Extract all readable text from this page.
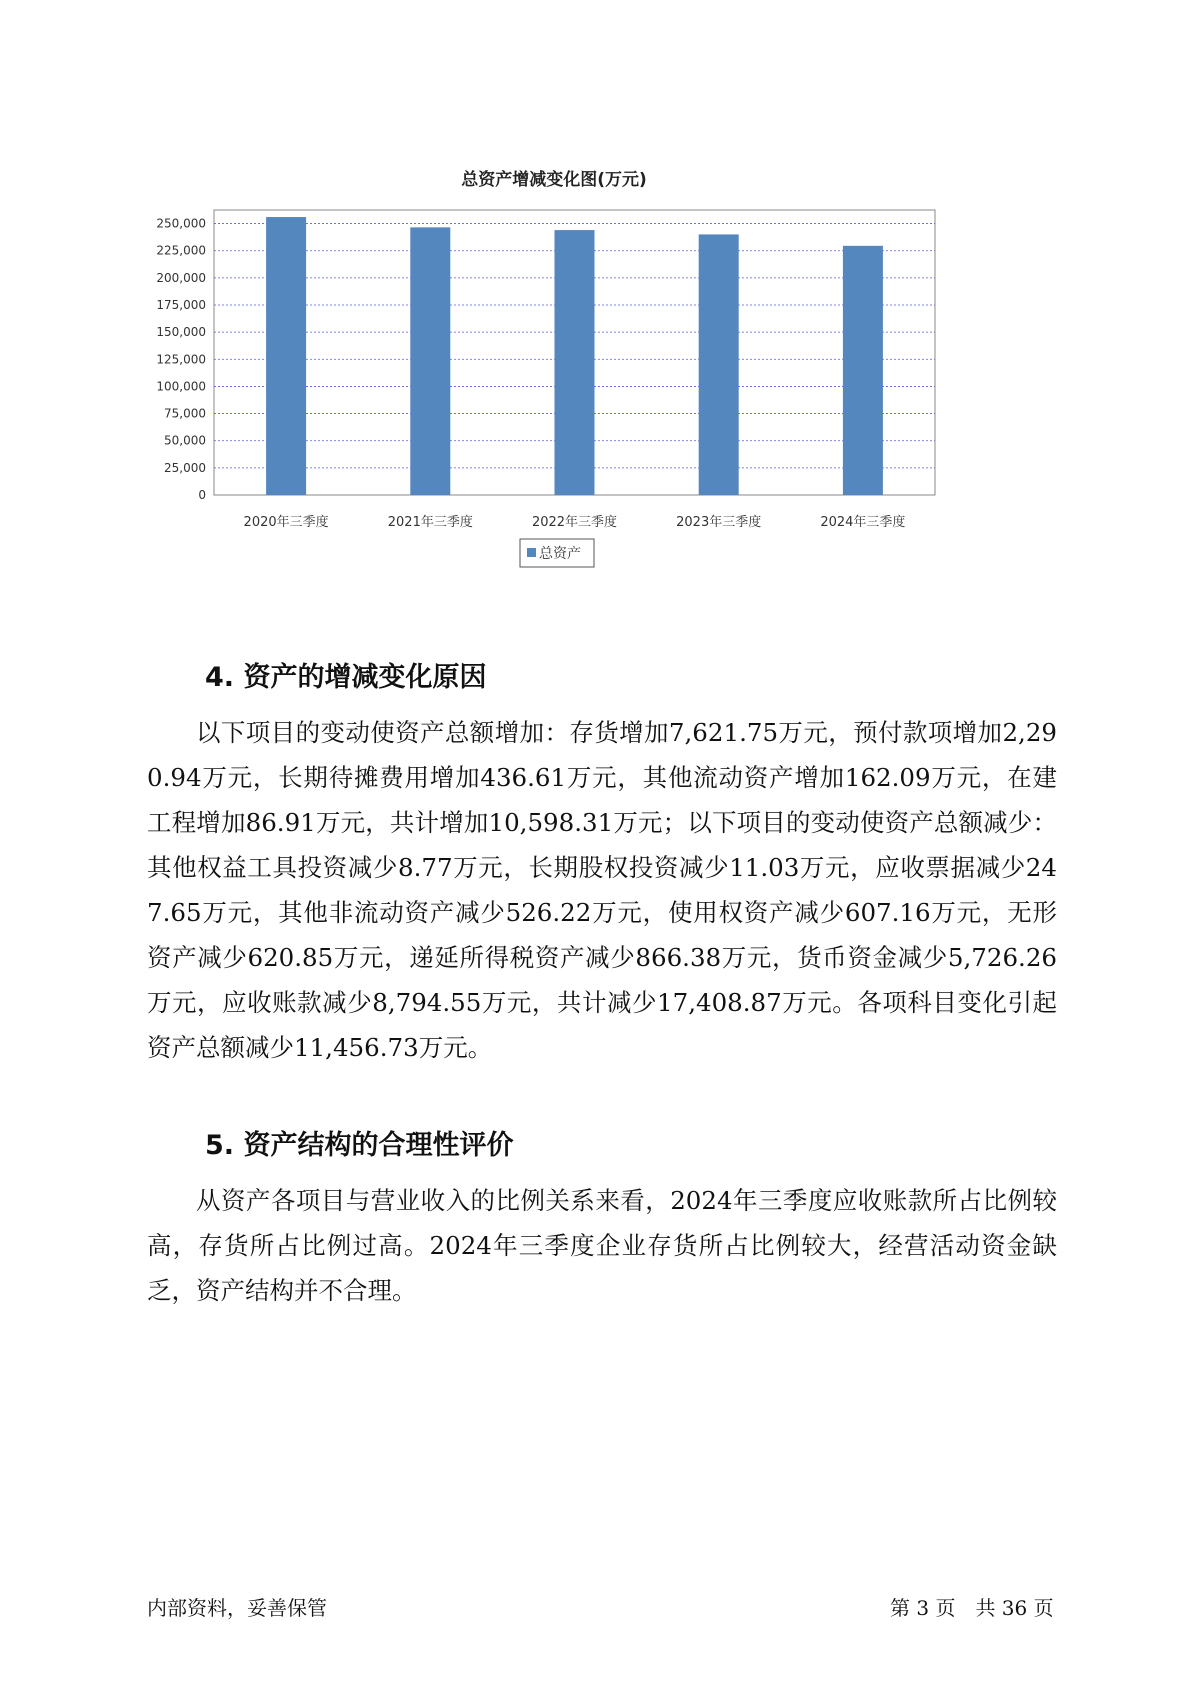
总资产增减变化图(万元)
0
25,000
50,000
75,000
100,000
125,000
150,000
175,000
200,000
225,000
250,000
2020年三季度	2021年三季度	2022年三季度	2023年三季度	2024年三季度
总资产
4. 资产的增减变化原因

以下项目的变动使资产总额增加：存货增加7,621.75万元，预付款项增加2,290.94万元，长期待摊费用增加436.61万元，其他流动资产增加162.09万元，在建工程增加86.91万元，共计增加10,598.31万元；以下项目的变动使资产总额减少：其他权益工具投资减少8.77万元，长期股权投资减少11.03万元，应收票据减少247.65万元，其他非流动资产减少526.22万元，使用权资产减少607.16万元，无形资产减少620.85万元，递延所得税资产减少866.38万元，货币资金减少5,726.26万元，应收账款减少8,794.55万元，共计减少17,408.87万元。各项科目变化引起资产总额减少11,456.73万元。

5. 资产结构的合理性评价

从资产各项目与营业收入的比例关系来看，2024年三季度应收账款所占比例较高，存货所占比例过高。2024年三季度企业存货所占比例较大，经营活动资金缺乏，资产结构并不合理。

内部资料，妥善保管	第 3 页　共 36 页
